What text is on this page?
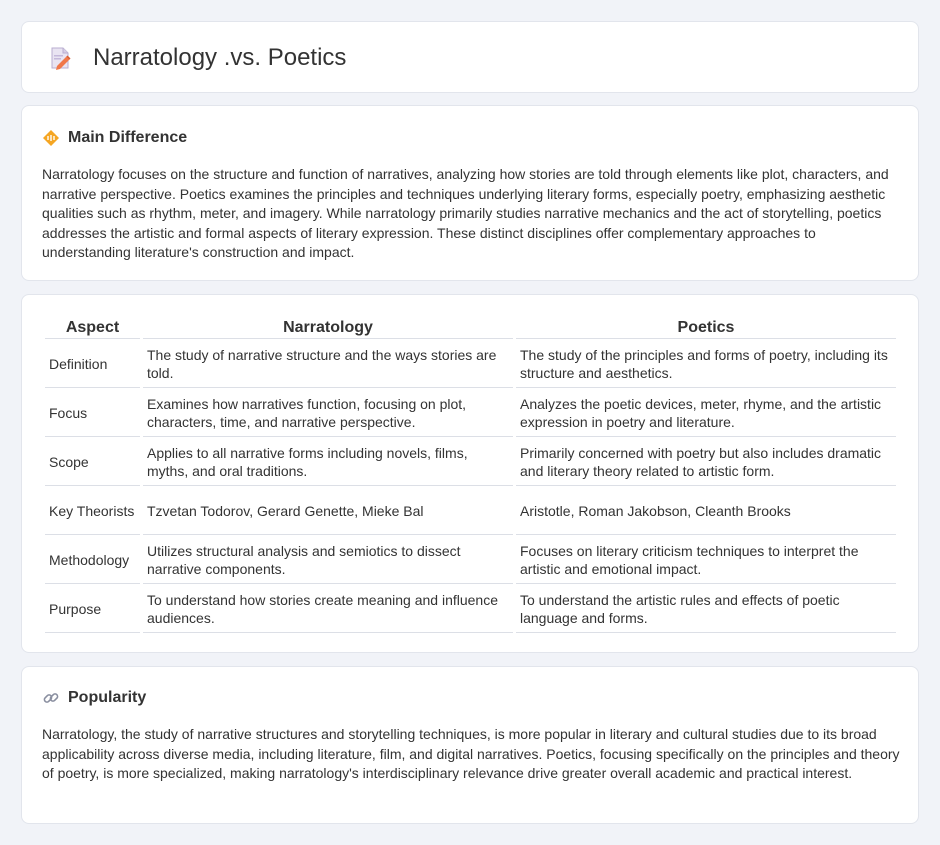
Narratology .vs. Poetics
Main Difference

Narratology focuses on the structure and function of narratives, analyzing how stories are told through elements like plot, characters, and narrative perspective. Poetics examines the principles and techniques underlying literary forms, especially poetry, emphasizing aesthetic qualities such as rhythm, meter, and imagery. While narratology primarily studies narrative mechanics and the act of storytelling, poetics addresses the artistic and formal aspects of literary expression. These distinct disciplines offer complementary approaches to understanding literature's construction and impact.

Aspect	Narratology	Poetics
Definition	The study of narrative structure and the ways stories are told.	The study of the principles and forms of poetry, including its structure and aesthetics.
Focus	Examines how narratives function, focusing on plot, characters, time, and narrative perspective.	Analyzes the poetic devices, meter, rhyme, and the artistic expression in poetry and literature.
Scope	Applies to all narrative forms including novels, films, myths, and oral traditions.	Primarily concerned with poetry but also includes dramatic and literary theory related to artistic form.
Key Theorists	Tzvetan Todorov, Gerard Genette, Mieke Bal	Aristotle, Roman Jakobson, Cleanth Brooks
Methodology	Utilizes structural analysis and semiotics to dissect narrative components.	Focuses on literary criticism techniques to interpret the artistic and emotional impact.
Purpose	To understand how stories create meaning and influence audiences.	To understand the artistic rules and effects of poetic language and forms.
Popularity

Narratology, the study of narrative structures and storytelling techniques, is more popular in literary and cultural studies due to its broad applicability across diverse media, including literature, film, and digital narratives. Poetics, focusing specifically on the principles and theory of poetry, is more specialized, making narratology's interdisciplinary relevance drive greater overall academic and practical interest.
